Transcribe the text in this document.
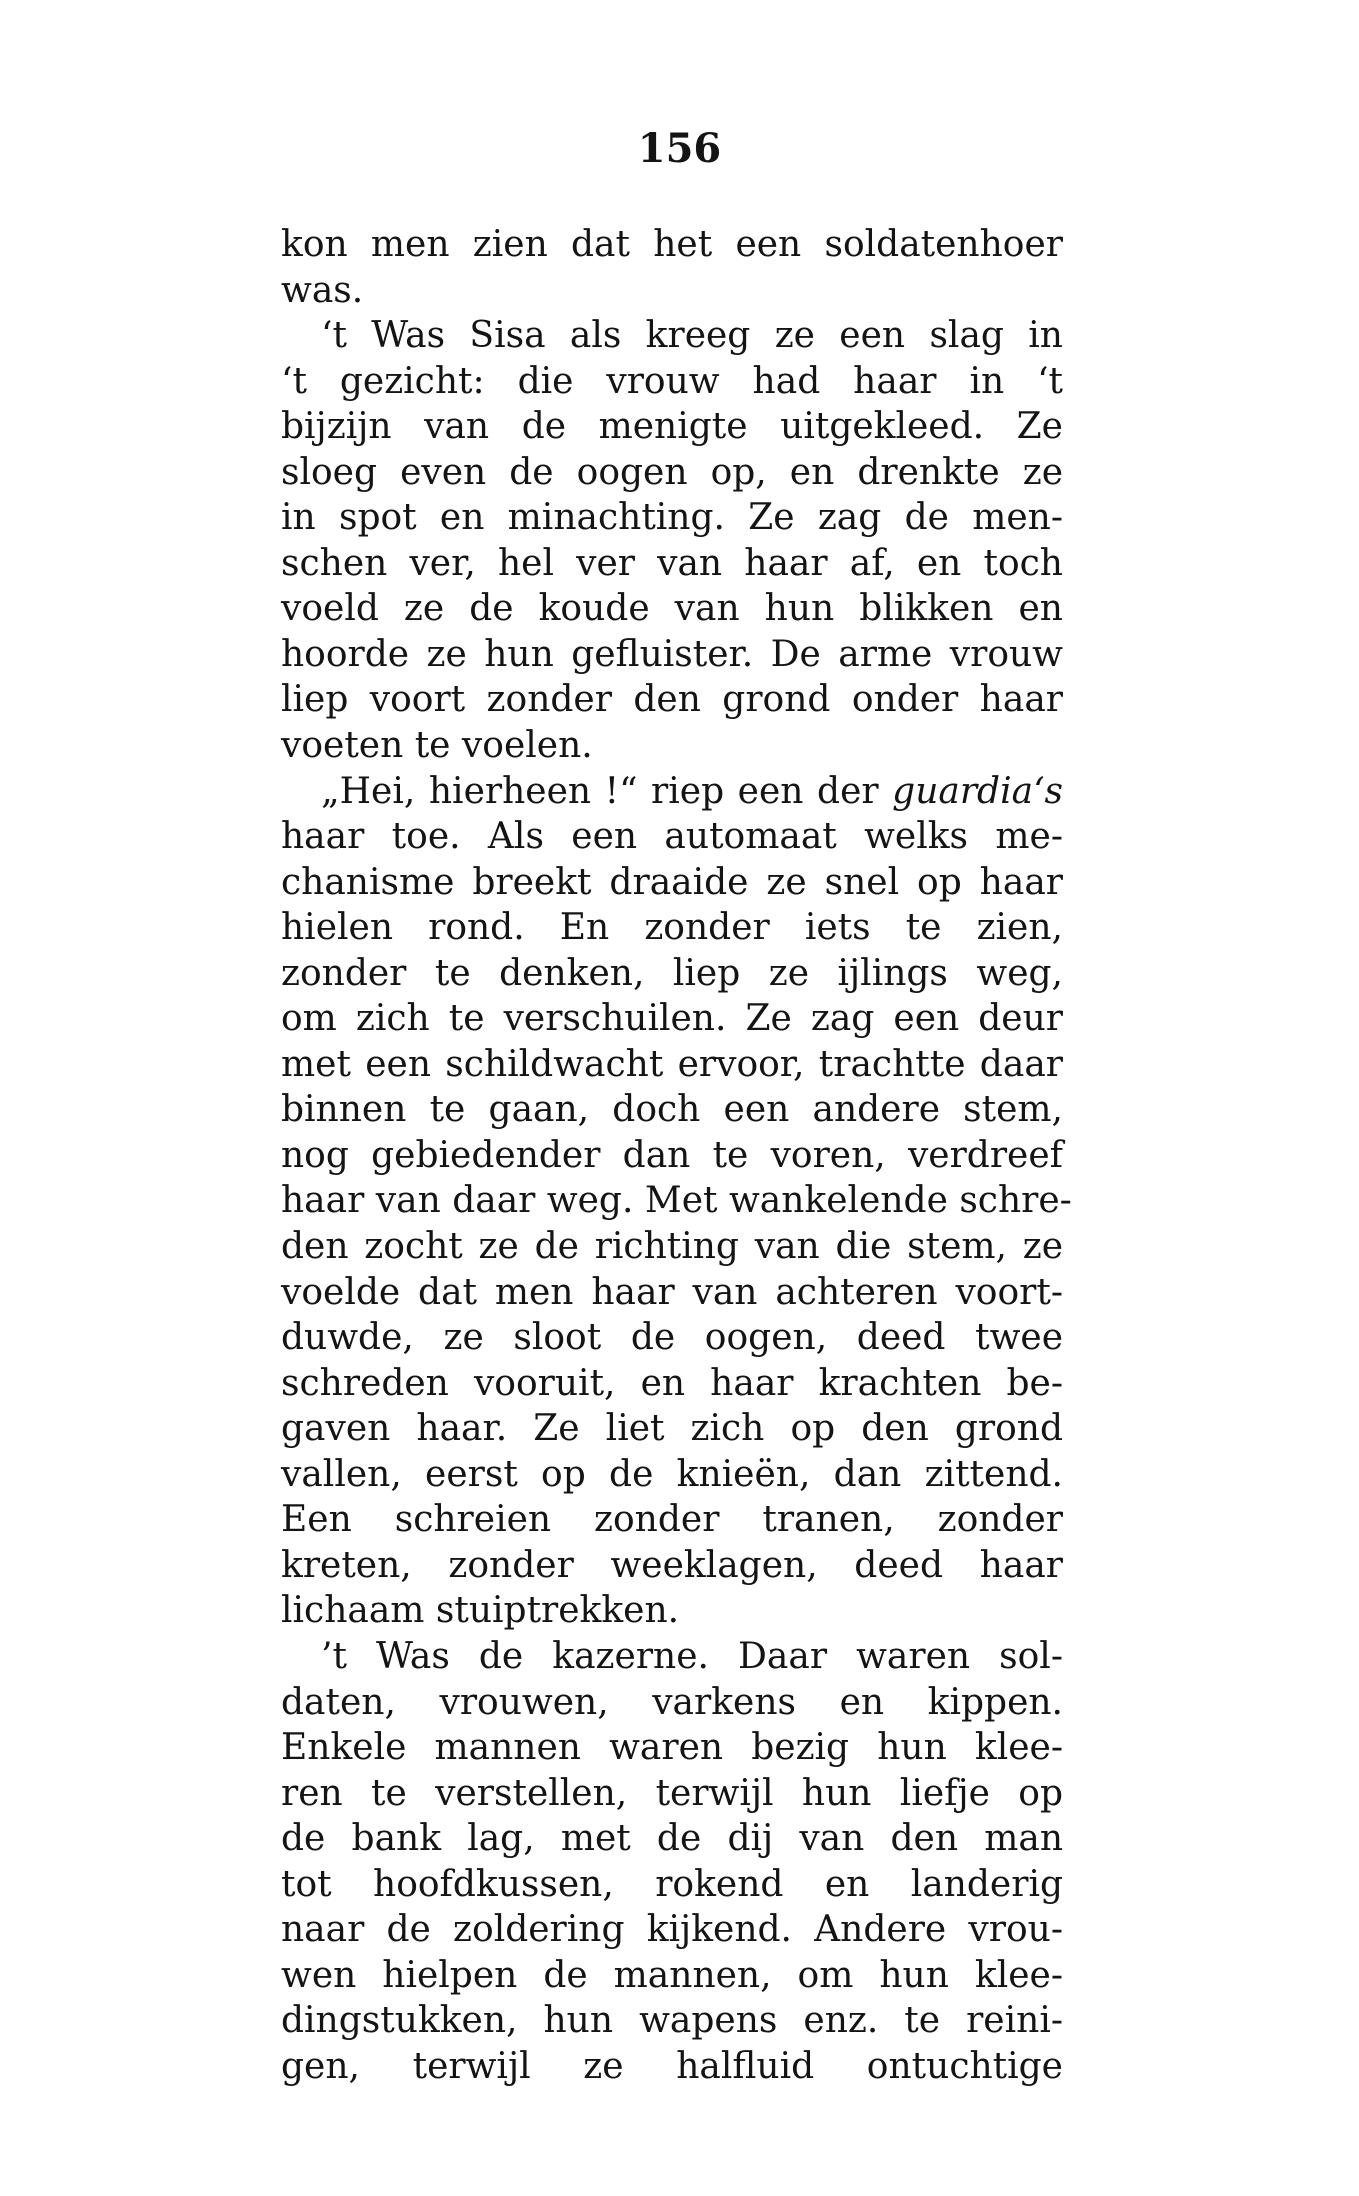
156
kon men zien dat het een soldatenhoer
was.
‘t Was Sisa als kreeg ze een slag in
‘t gezicht: die vrouw had haar in ‘t
bijzijn van de menigte uitgekleed. Ze
sloeg even de oogen op, en drenkte ze
in spot en minachting. Ze zag de men-
schen ver, hel ver van haar af, en toch
voeld ze de koude van hun blikken en
hoorde ze hun gefluister. De arme vrouw
liep voort zonder den grond onder haar
voeten te voelen.
„Hei, hierheen !“ riep een der guardia‘s
haar toe. Als een automaat welks me-
chanisme breekt draaide ze snel op haar
hielen rond. En zonder iets te zien,
zonder te denken, liep ze ijlings weg,
om zich te verschuilen. Ze zag een deur
met een schildwacht ervoor, trachtte daar
binnen te gaan, doch een andere stem,
nog gebiedender dan te voren, verdreef
haar van daar weg. Met wankelende schre-
den zocht ze de richting van die stem, ze
voelde dat men haar van achteren voort-
duwde, ze sloot de oogen, deed twee
schreden vooruit, en haar krachten be-
gaven haar. Ze liet zich op den grond
vallen, eerst op de knieën, dan zittend.
Een schreien zonder tranen, zonder
kreten, zonder weeklagen, deed haar
lichaam stuiptrekken.
’t Was de kazerne. Daar waren sol-
daten, vrouwen, varkens en kippen.
Enkele mannen waren bezig hun klee-
ren te verstellen, terwijl hun liefje op
de bank lag, met de dij van den man
tot hoofdkussen, rokend en landerig
naar de zoldering kijkend. Andere vrou-
wen hielpen de mannen, om hun klee-
dingstukken, hun wapens enz. te reini-
gen, terwijl ze halfluid ontuchtige
